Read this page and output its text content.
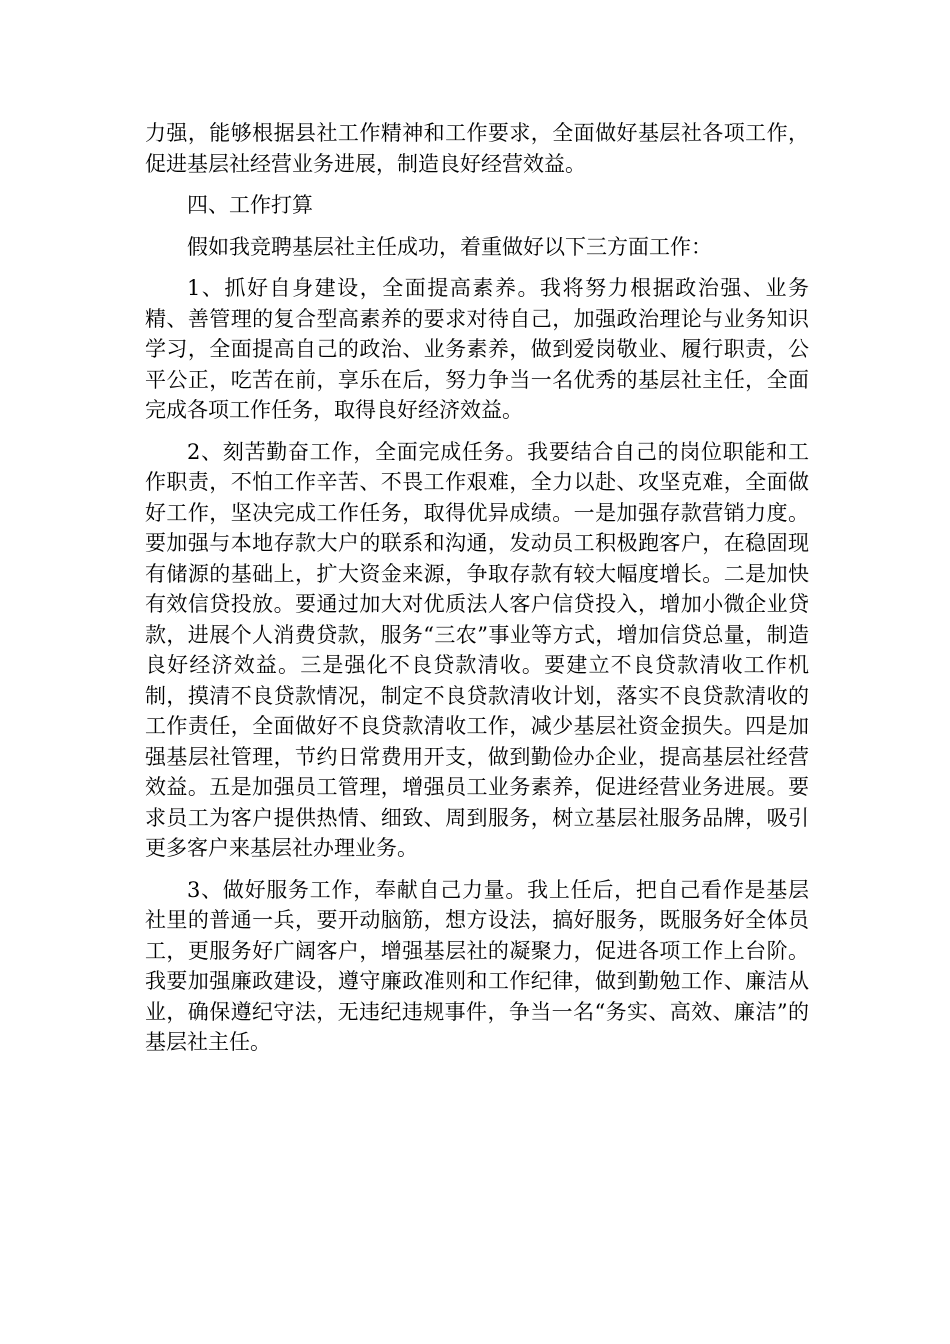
力强，能够根据县社工作精神和工作要求，全面做好基层社各项工作，促进基层社经营业务进展，制造良好经营效益。

四、工作打算

假如我竞聘基层社主任成功，着重做好以下三方面工作：

1、抓好自身建设，全面提高素养。我将努力根据政治强、业务精、善管理的复合型高素养的要求对待自己，加强政治理论与业务知识学习，全面提高自己的政治、业务素养，做到爱岗敬业、履行职责，公平公正，吃苦在前，享乐在后，努力争当一名优秀的基层社主任，全面完成各项工作任务，取得良好经济效益。

2、刻苦勤奋工作，全面完成任务。我要结合自己的岗位职能和工作职责，不怕工作辛苦、不畏工作艰难，全力以赴、攻坚克难，全面做好工作，坚决完成工作任务，取得优异成绩。一是加强存款营销力度。要加强与本地存款大户的联系和沟通，发动员工积极跑客户，在稳固现有储源的基础上，扩大资金来源，争取存款有较大幅度增长。二是加快有效信贷投放。要通过加大对优质法人客户信贷投入，增加小微企业贷款，进展个人消费贷款，服务“三农”事业等方式，增加信贷总量，制造良好经济效益。三是强化不良贷款清收。要建立不良贷款清收工作机制，摸清不良贷款情况，制定不良贷款清收计划，落实不良贷款清收的工作责任，全面做好不良贷款清收工作，减少基层社资金损失。四是加强基层社管理，节约日常费用开支，做到勤俭办企业，提高基层社经营效益。五是加强员工管理，增强员工业务素养，促进经营业务进展。要求员工为客户提供热情、细致、周到服务，树立基层社服务品牌，吸引更多客户来基层社办理业务。

3、做好服务工作，奉献自己力量。我上任后，把自己看作是基层社里的普通一兵，要开动脑筋，想方设法，搞好服务，既服务好全体员工，更服务好广阔客户，增强基层社的凝聚力，促进各项工作上台阶。我要加强廉政建设，遵守廉政准则和工作纪律，做到勤勉工作、廉洁从业，确保遵纪守法，无违纪违规事件，争当一名“务实、高效、廉洁”的基层社主任。
